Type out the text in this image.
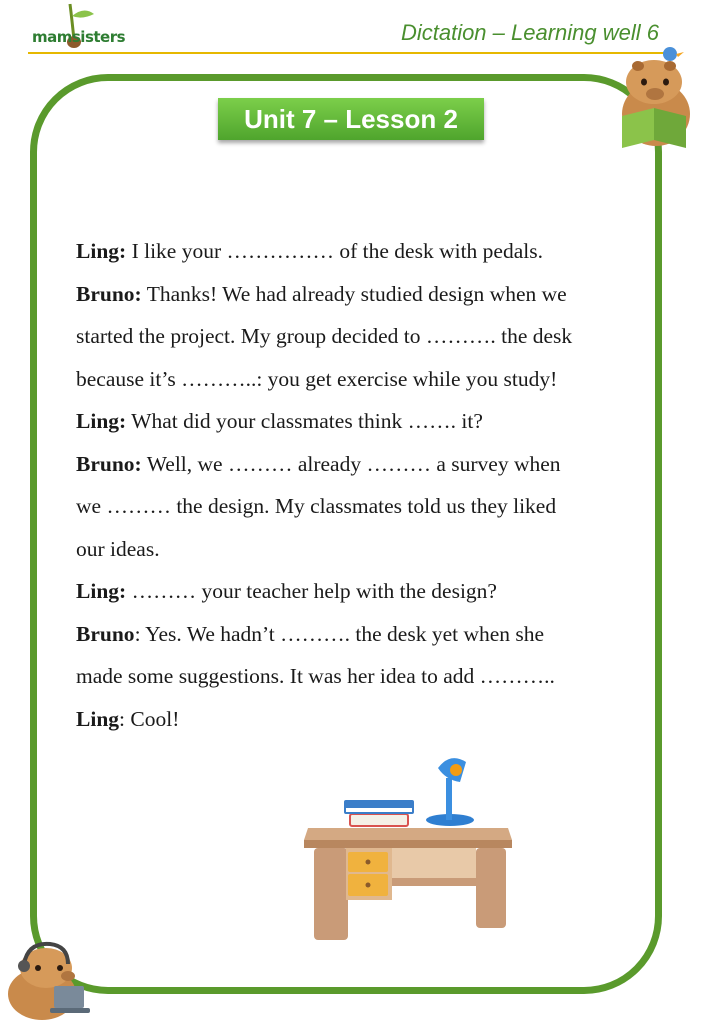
mamsisters	Dictation – Learning well 6
Unit 7 – Lesson 2
Ling: I like your …………… of the desk with pedals.
Bruno: Thanks! We had already studied design when we
started the project. My group decided to ………. the desk
because it’s ………..: you get exercise while you study!
Ling: What did your classmates think ……. it?
Bruno: Well, we ……… already ……… a survey when
we ……… the design. My classmates told us they liked
our ideas.
Ling: ……… your teacher help with the design?
Bruno: Yes. We hadn’t ………. the desk yet when she
made some suggestions. It was her idea to add ………..
Ling: Cool!
